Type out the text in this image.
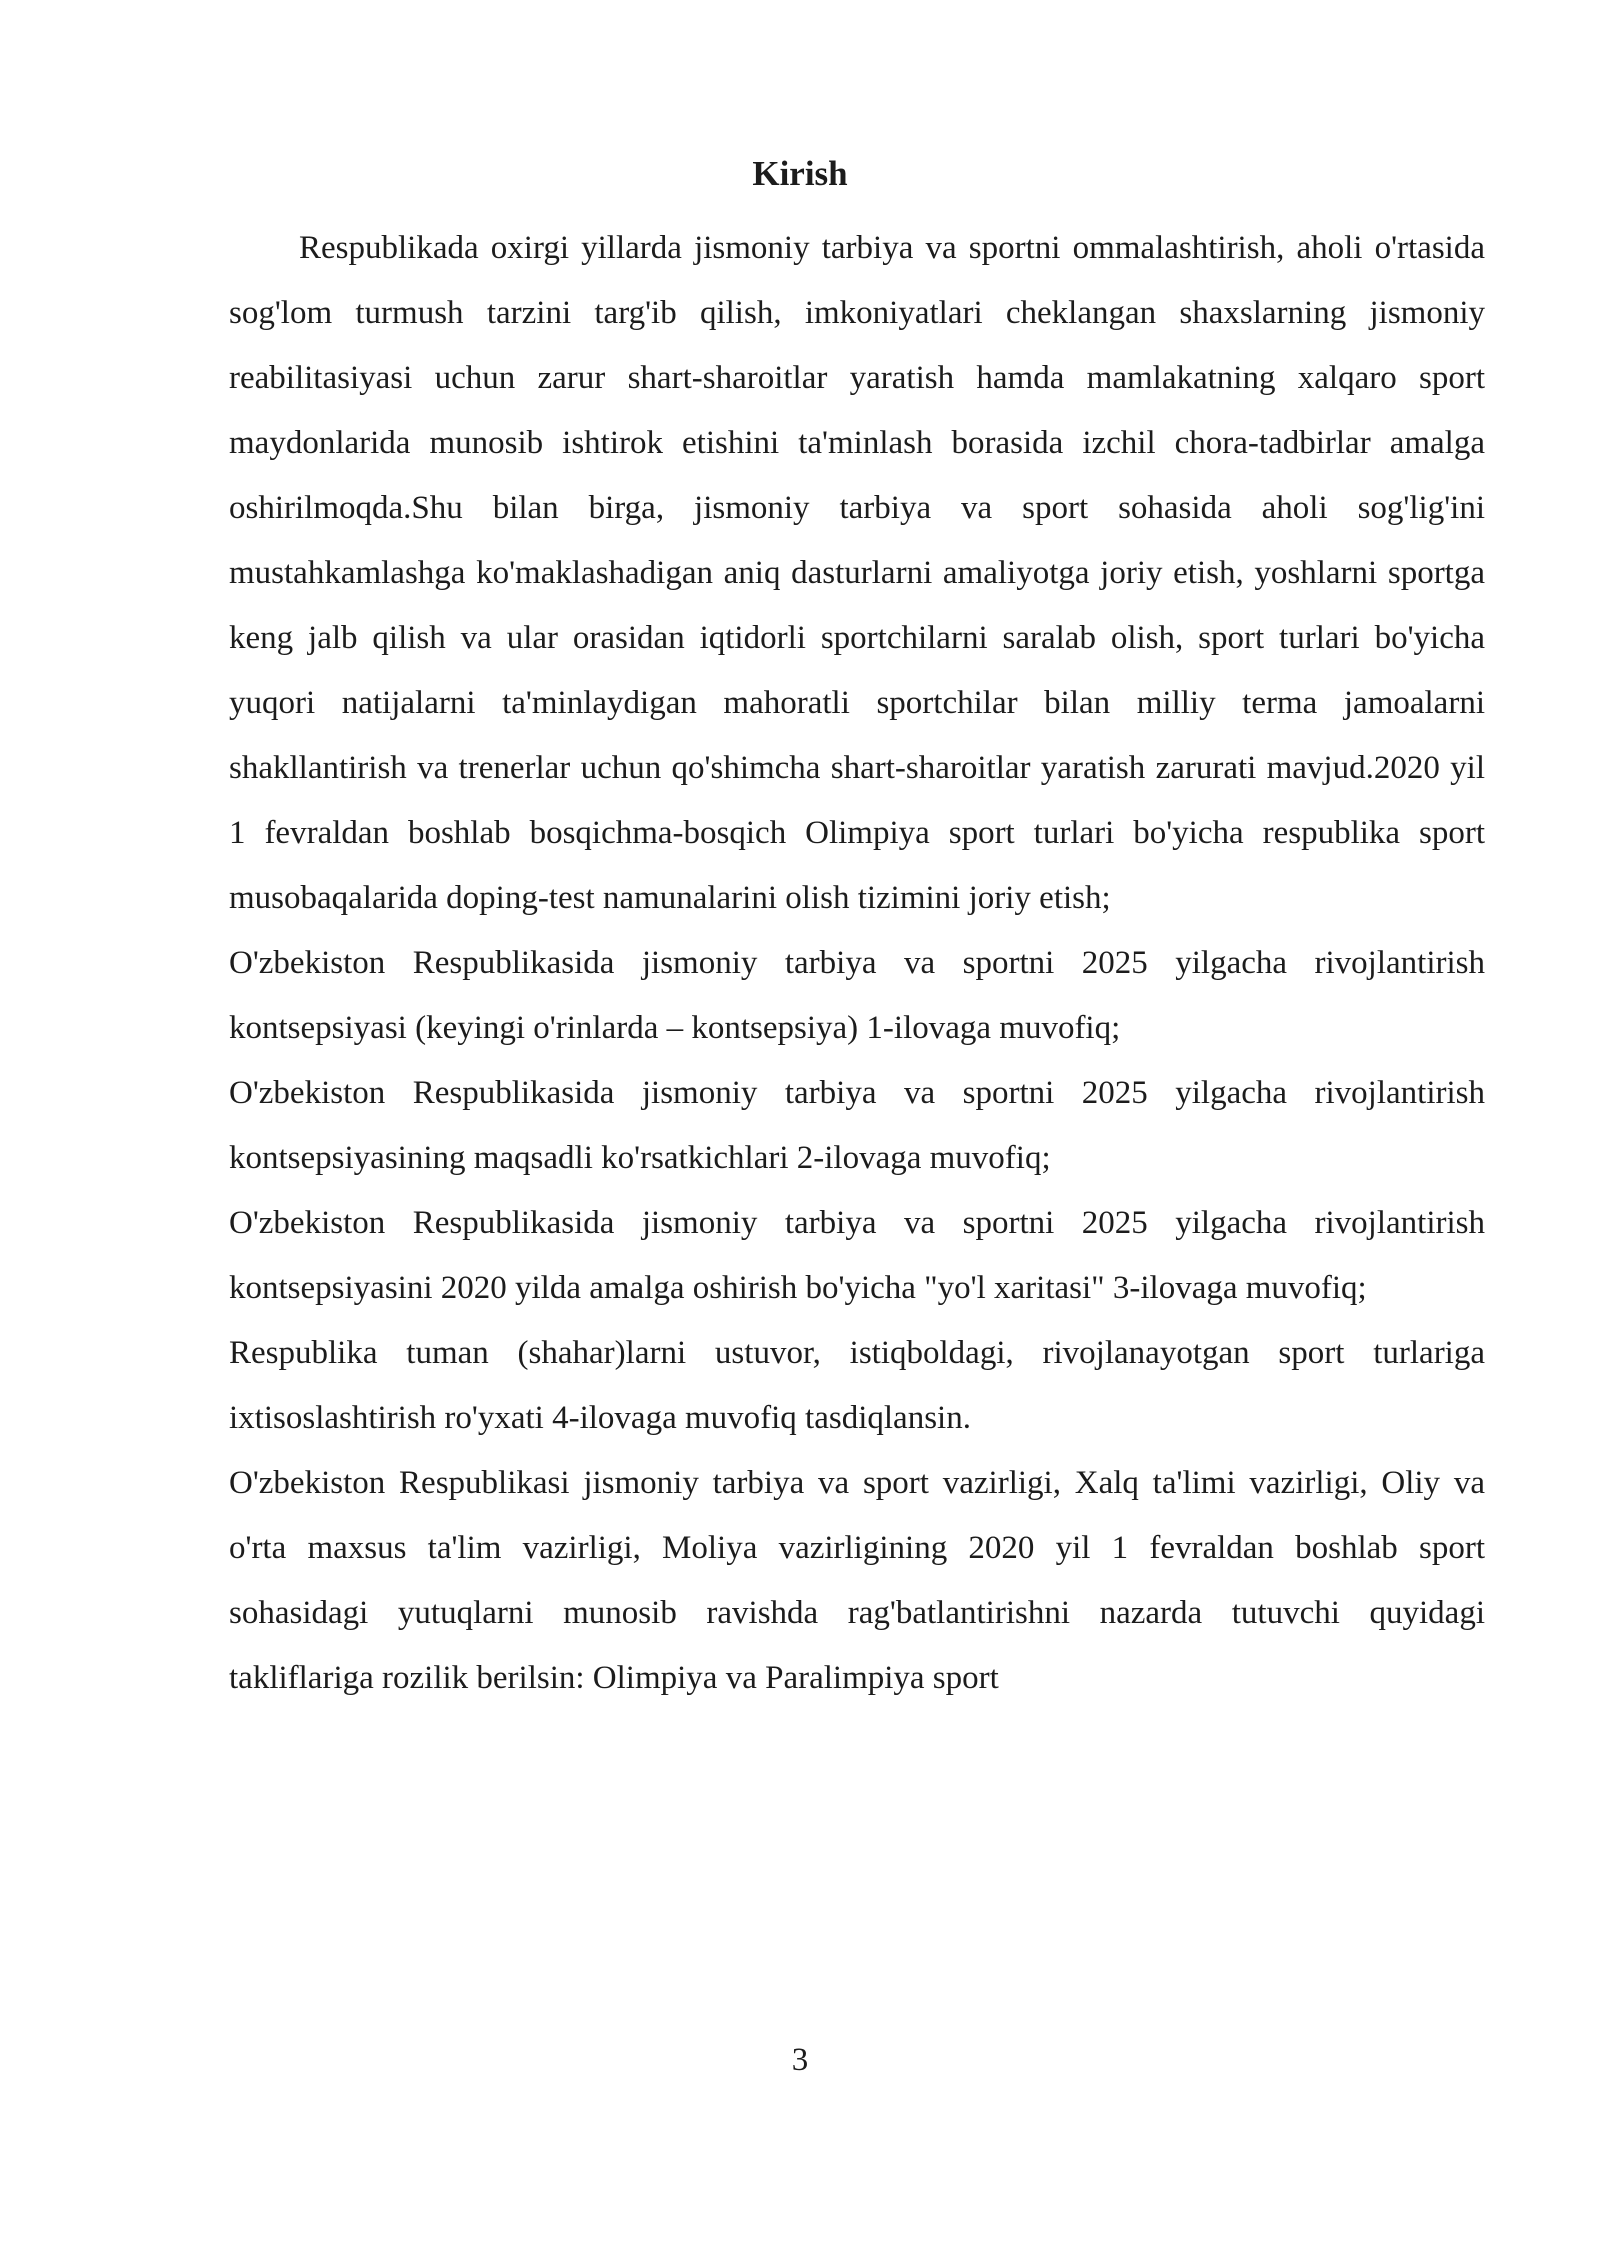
Kirish

Respublikada oxirgi yillarda jismoniy tarbiya va sportni ommalashtirish, aholi o'rtasida sog'lom turmush tarzini targ'ib qilish, imkoniyatlari cheklangan shaxslarning jismoniy reabilitasiyasi uchun zarur shart-sharoitlar yaratish hamda mamlakatning xalqaro sport maydonlarida munosib ishtirok etishini ta'minlash borasida izchil chora-tadbirlar amalga oshirilmoqda.Shu bilan birga, jismoniy tarbiya va sport sohasida aholi sog'lig'ini mustahkamlashga ko'maklashadigan aniq dasturlarni amaliyotga joriy etish, yoshlarni sportga keng jalb qilish va ular orasidan iqtidorli sportchilarni saralab olish, sport turlari bo'yicha yuqori natijalarni ta'minlaydigan mahoratli sportchilar bilan milliy terma jamoalarni shakllantirish va trenerlar uchun qo'shimcha shart-sharoitlar yaratish zarurati mavjud.2020 yil 1 fevraldan boshlab bosqichma-bosqich Olimpiya sport turlari bo'yicha respublika sport musobaqalarida doping-test namunalarini olish tizimini joriy etish;

O'zbekiston Respublikasida jismoniy tarbiya va sportni 2025 yilgacha rivojlantirish kontsepsiyasi (keyingi o'rinlarda – kontsepsiya) 1-ilovaga muvofiq;

O'zbekiston Respublikasida jismoniy tarbiya va sportni 2025 yilgacha rivojlantirish kontsepsiyasining maqsadli ko'rsatkichlari 2-ilovaga muvofiq;

O'zbekiston Respublikasida jismoniy tarbiya va sportni 2025 yilgacha rivojlantirish kontsepsiyasini 2020 yilda amalga oshirish bo'yicha "yo'l xaritasi" 3-ilovaga muvofiq;

Respublika tuman (shahar)larni ustuvor, istiqboldagi, rivojlanayotgan sport turlariga ixtisoslashtirish ro'yxati 4-ilovaga muvofiq tasdiqlansin.

O'zbekiston Respublikasi jismoniy tarbiya va sport vazirligi, Xalq ta'limi vazirligi, Oliy va o'rta maxsus ta'lim vazirligi, Moliya vazirligining 2020 yil 1 fevraldan boshlab sport sohasidagi yutuqlarni munosib ravishda rag'batlantirishni nazarda tutuvchi quyidagi takliflariga rozilik berilsin: Olimpiya va Paralimpiya sport

3
